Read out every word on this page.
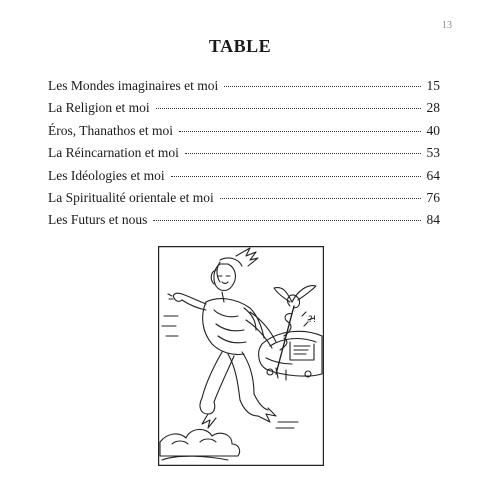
13
TABLE
Les Mondes imaginaires et moi	15
La Religion et moi	28
Éros, Thanathos et moi	40
La Réincarnation et moi	53
Les Idéologies et moi	64
La Spiritualité orientale et moi	76
Les Futurs et nous	84
?!
